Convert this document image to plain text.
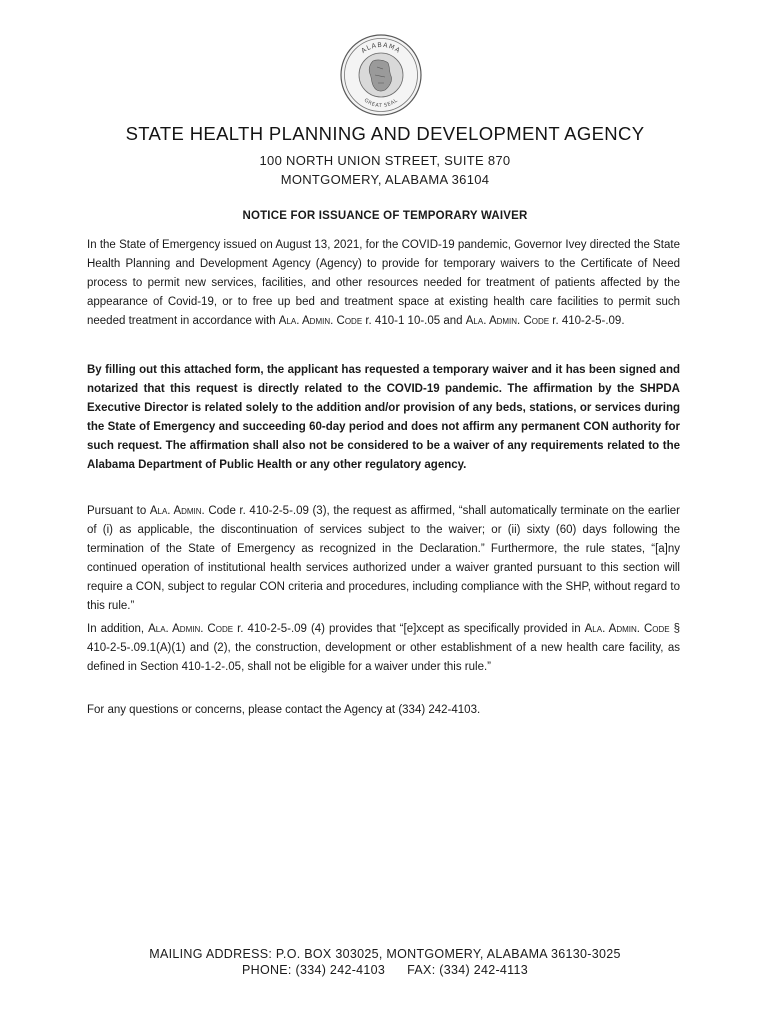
ALABAMA
GREAT SEAL

STATE HEALTH PLANNING AND DEVELOPMENT AGENCY

100 NORTH UNION STREET, SUITE 870

MONTGOMERY, ALABAMA 36104

NOTICE FOR ISSUANCE OF TEMPORARY WAIVER

In the State of Emergency issued on August 13, 2021, for the COVID-19 pandemic, Governor Ivey directed the State Health Planning and Development Agency (Agency) to provide for temporary waivers to the Certificate of Need process to permit new services, facilities, and other resources needed for treatment of patients affected by the appearance of Covid-19, or to free up bed and treatment space at existing health care facilities to permit such needed treatment in accordance with Ala. Admin. Code r. 410-1 10-.05 and Ala. Admin. Code r. 410-2-5-.09.

By filling out this attached form, the applicant has requested a temporary waiver and it has been signed and notarized that this request is directly related to the COVID-19 pandemic. The affirmation by the SHPDA Executive Director is related solely to the addition and/or provision of any beds, stations, or services during the State of Emergency and succeeding 60-day period and does not affirm any permanent CON authority for such request. The affirmation shall also not be considered to be a waiver of any requirements related to the Alabama Department of Public Health or any other regulatory agency.

Pursuant to Ala. Admin. Code r. 410-2-5-.09 (3), the request as affirmed, “shall automatically terminate on the earlier of (i) as applicable, the discontinuation of services subject to the waiver; or (ii) sixty (60) days following the termination of the State of Emergency as recognized in the Declaration.” Furthermore, the rule states, “[a]ny continued operation of institutional health services authorized under a waiver granted pursuant to this section will require a CON, subject to regular CON criteria and procedures, including compliance with the SHP, without regard to this rule.”

In addition, Ala. Admin. Code r. 410-2-5-.09 (4) provides that “[e]xcept as specifically provided in Ala. Admin. Code § 410-2-5-.09.1(A)(1) and (2), the construction, development or other establishment of a new health care facility, as defined in Section 410-1-2-.05, shall not be eligible for a waiver under this rule.”

For any questions or concerns, please contact the Agency at (334) 242-4103.

MAILING ADDRESS: P.O. BOX 303025, MONTGOMERY, ALABAMA 36130-3025

PHONE: (334) 242-4103 FAX: (334) 242-4113
